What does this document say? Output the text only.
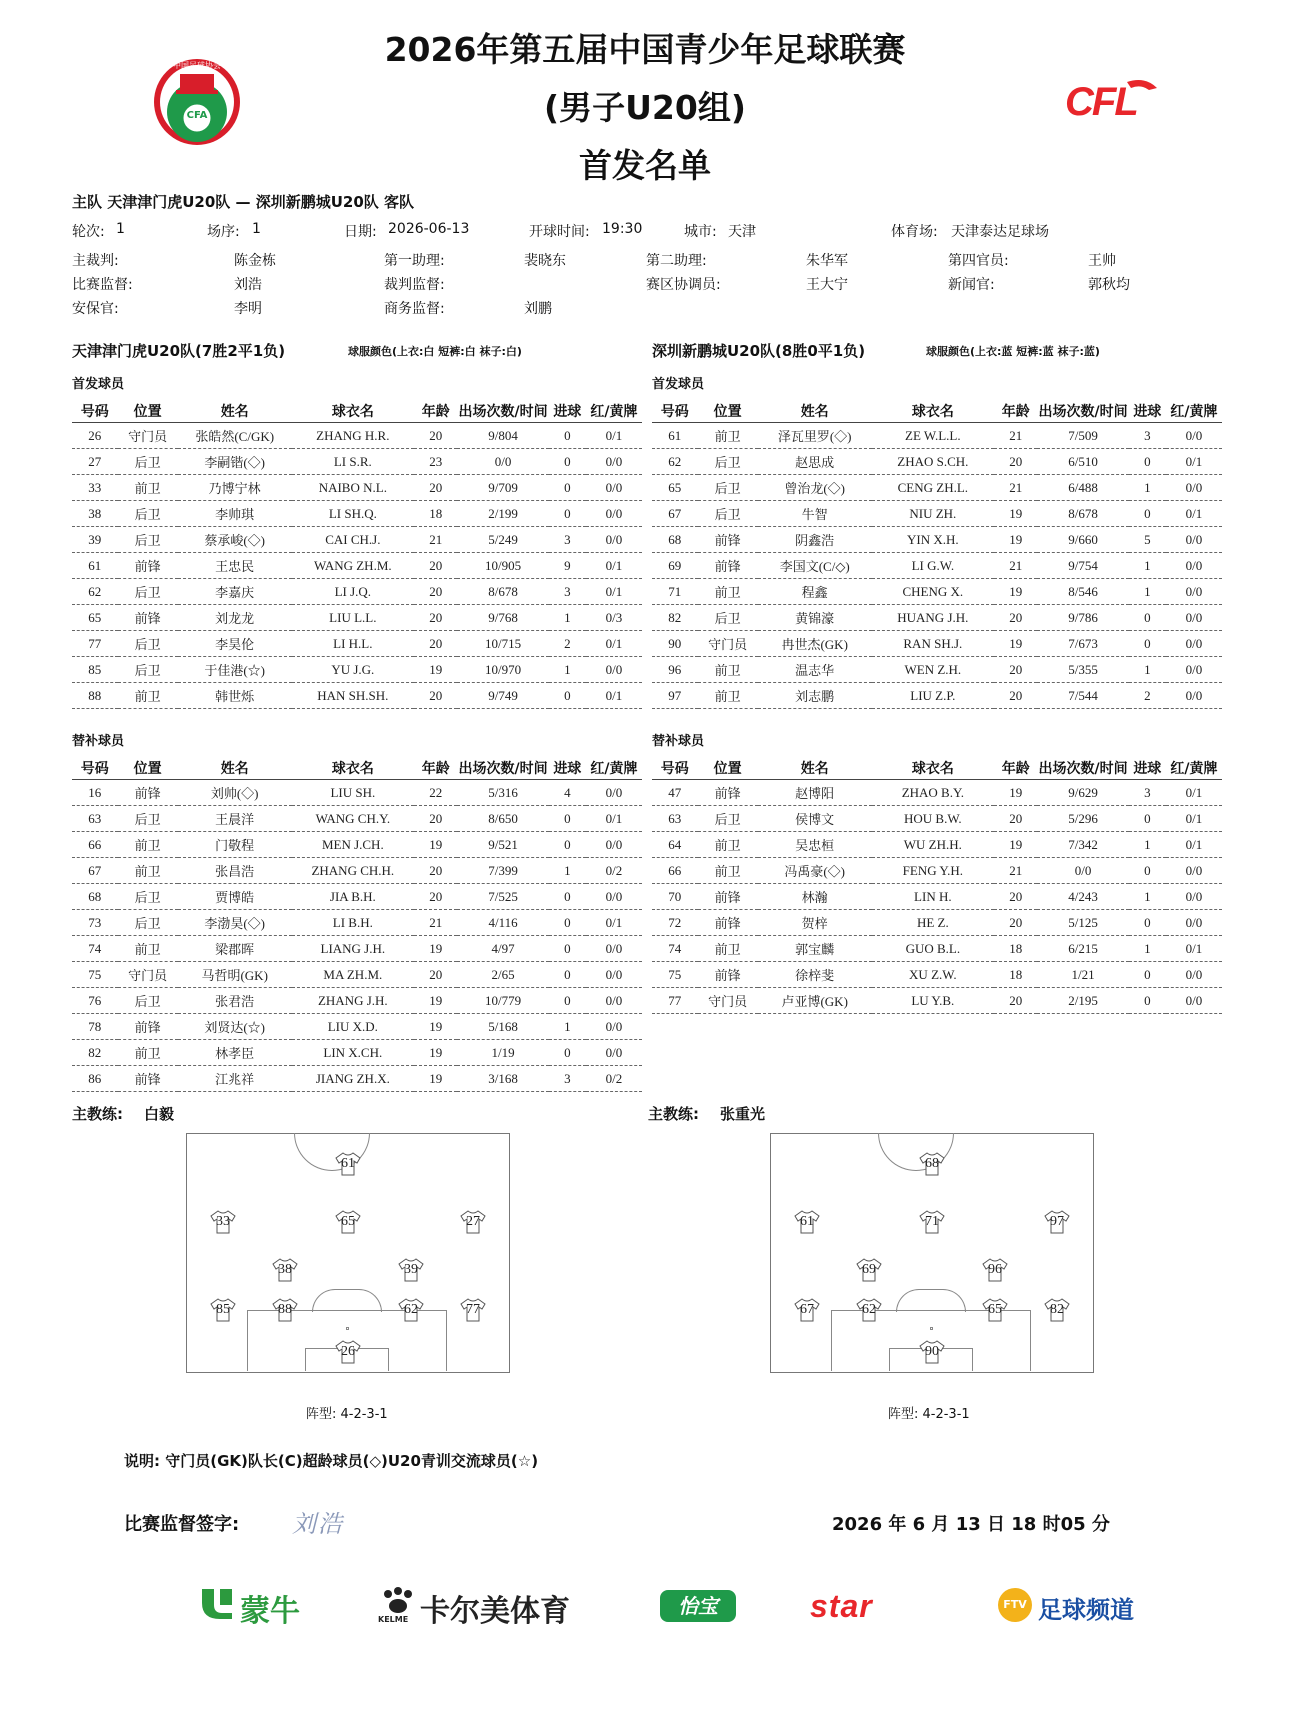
2026年第五届中国青少年足球联赛
(男子U20组)
首发名单
CFA
中国足球协会
CFL
主队 天津津门虎U20队 — 深圳新鹏城U20队 客队
轮次: 1	场序: 1	日期: 2026-06-13	开球时间: 19:30	城市: 天津	体育场: 天津泰达足球场
主裁判:	陈金栋	第一助理:	裴晓东	第二助理:	朱华军	第四官员:	王帅
比赛监督:	刘浩	裁判监督:	赛区协调员:	王大宁	新闻官:	郭秋均
安保官:	李明	商务监督:	刘鹏
天津津门虎U20队(7胜2平1负)	球服颜色(上衣:白 短裤:白 袜子:白)	深圳新鹏城U20队(8胜0平1负)	球服颜色(上衣:蓝 短裤:蓝 袜子:蓝)
首发球员	首发球员
号码	位置	姓名	球衣名	年龄	出场次数/时间	进球	红/黄牌
26	守门员	张皓然(C/GK)	ZHANG H.R.	20	9/804	0	0/1
27	后卫	李嗣锴(◇)	LI S.R.	23	0/0	0	0/0
33	前卫	乃博宁林	NAIBO N.L.	20	9/709	0	0/0
38	后卫	李帅琪	LI SH.Q.	18	2/199	0	0/0
39	后卫	蔡承峻(◇)	CAI CH.J.	21	5/249	3	0/0
61	前锋	王忠民	WANG ZH.M.	20	10/905	9	0/1
62	后卫	李嘉庆	LI J.Q.	20	8/678	3	0/1
65	前锋	刘龙龙	LIU L.L.	20	9/768	1	0/3
77	后卫	李昊伦	LI H.L.	20	10/715	2	0/1
85	后卫	于佳港(☆)	YU J.G.	19	10/970	1	0/0
88	前卫	韩世烁	HAN SH.SH.	20	9/749	0	0/1
号码	位置	姓名	球衣名	年龄	出场次数/时间	进球	红/黄牌
61	前卫	泽瓦里罗(◇)	ZE W.L.L.	21	7/509	3	0/0
62	后卫	赵思成	ZHAO S.CH.	20	6/510	0	0/1
65	后卫	曾治龙(◇)	CENG ZH.L.	21	6/488	1	0/0
67	后卫	牛智	NIU ZH.	19	8/678	0	0/1
68	前锋	阴鑫浩	YIN X.H.	19	9/660	5	0/0
69	前锋	李国文(C/◇)	LI G.W.	21	9/754	1	0/0
71	前卫	程鑫	CHENG X.	19	8/546	1	0/0
82	后卫	黄锦濠	HUANG J.H.	20	9/786	0	0/0
90	守门员	冉世杰(GK)	RAN SH.J.	19	7/673	0	0/0
96	前卫	温志华	WEN Z.H.	20	5/355	1	0/0
97	前卫	刘志鹏	LIU Z.P.	20	7/544	2	0/0
替补球员	替补球员
号码	位置	姓名	球衣名	年龄	出场次数/时间	进球	红/黄牌
16	前锋	刘帅(◇)	LIU SH.	22	5/316	4	0/0
63	后卫	王晨洋	WANG CH.Y.	20	8/650	0	0/1
66	前卫	门敬程	MEN J.CH.	19	9/521	0	0/0
67	前卫	张昌浩	ZHANG CH.H.	20	7/399	1	0/2
68	后卫	贾博皓	JIA B.H.	20	7/525	0	0/0
73	后卫	李渤昊(◇)	LI B.H.	21	4/116	0	0/1
74	前卫	梁郡晖	LIANG J.H.	19	4/97	0	0/0
75	守门员	马哲明(GK)	MA ZH.M.	20	2/65	0	0/0
76	后卫	张君浩	ZHANG J.H.	19	10/779	0	0/0
78	前锋	刘贤达(☆)	LIU X.D.	19	5/168	1	0/0
82	前卫	林孝臣	LIN X.CH.	19	1/19	0	0/0
86	前锋	江兆祥	JIANG ZH.X.	19	3/168	3	0/2
号码	位置	姓名	球衣名	年龄	出场次数/时间	进球	红/黄牌
47	前锋	赵博阳	ZHAO B.Y.	19	9/629	3	0/1
63	后卫	侯博文	HOU B.W.	20	5/296	0	0/1
64	前卫	吴忠桓	WU ZH.H.	19	7/342	1	0/1
66	前卫	冯禹豪(◇)	FENG Y.H.	21	0/0	0	0/0
70	前锋	林瀚	LIN H.	20	4/243	1	0/0
72	前锋	贺梓	HE Z.	20	5/125	0	0/0
74	前卫	郭宝麟	GUO B.L.	18	6/215	1	0/1
75	前锋	徐梓斐	XU Z.W.	18	1/21	0	0/0
77	守门员	卢亚博(GK)	LU Y.B.	20	2/195	0	0/0
主教练: 白毅	主教练: 张重光
61
33	65	27
38	39
85	88	62	77
26
68
61	71	97
69	96
67	62	65	82
90
阵型: 4-2-3-1	阵型: 4-2-3-1
说明: 守门员(GK)队长(C)超龄球员(◇)U20青训交流球员(☆)
比赛监督签字: 刘浩	2026 年 6 月 13 日 18 时05 分
蒙牛	KELME 卡尔美体育	怡宝	star	FTV 足球频道
